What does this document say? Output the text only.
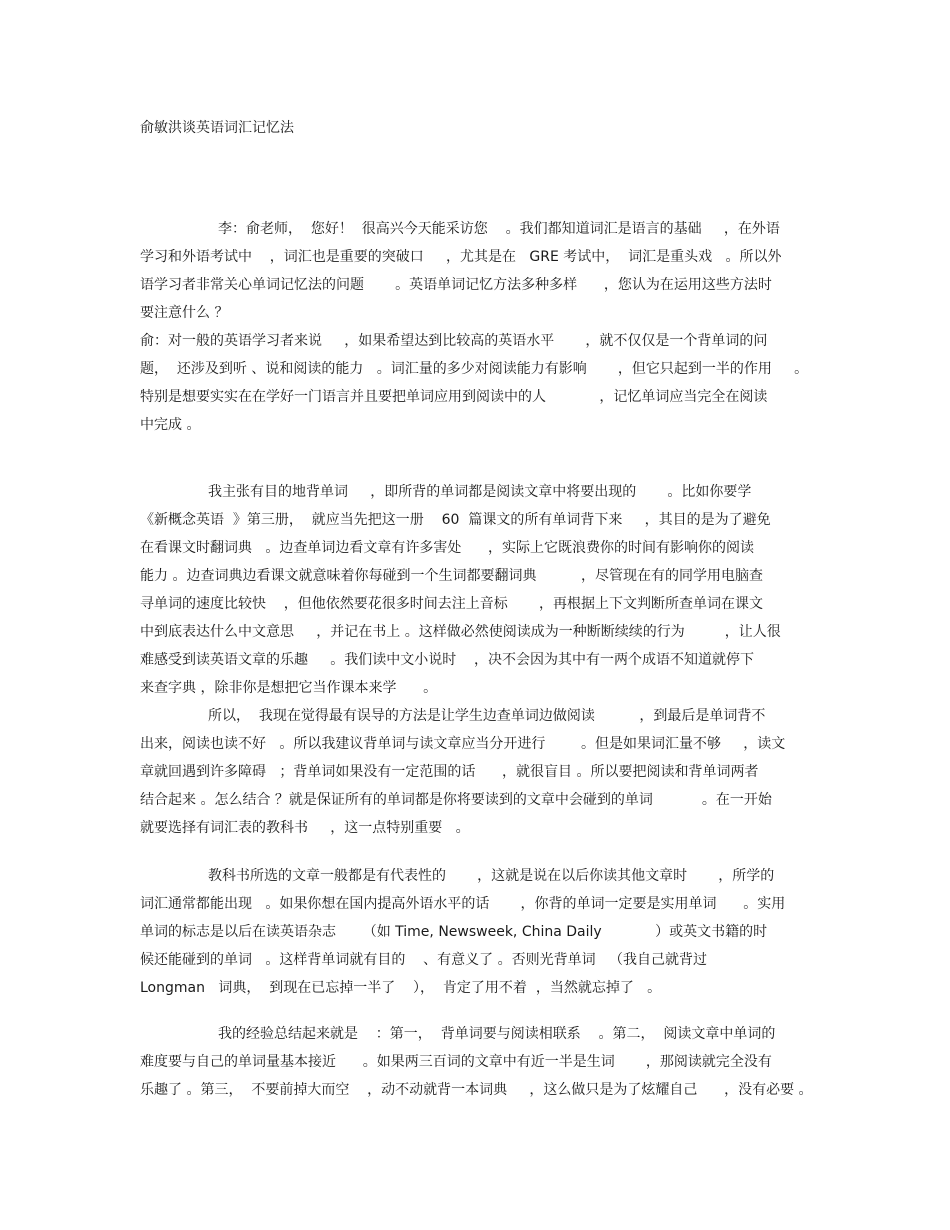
俞敏洪谈英语词汇记忆法
李：俞老师，  您好！  很高兴今天能采访您    。我们都知道词汇是语言的基础     ，在外语
学习和外语考试中    ，词汇也是重要的突破口     ，尤其是在   GRE 考试中，  词汇是重头戏   。所以外
语学习者非常关心单词记忆法的问题       。英语单词记忆方法多种多样      ，您认为在运用这些方法时
要注意什么 ？
俞：对一般的英语学习者来说     ，如果希望达到比较高的英语水平       ，就不仅仅是一个背单词的问
题，  还涉及到听 、说和阅读的能力   。词汇量的多少对阅读能力有影响       ，但它只起到一半的作用     。
特别是想要实实在在学好一门语言并且要把单词应用到阅读中的人            ，记忆单词应当完全在阅读
中完成 。
我主张有目的地背单词     ，即所背的单词都是阅读文章中将要出现的       。比如你要学
《新概念英语  》第三册，  就应当先把这一册    60  篇课文的所有单词背下来     ，其目的是为了避免
在看课文时翻词典   。边查单词边看文章有许多害处      ，实际上它既浪费你的时间有影响你的阅读
能力 。边查词典边看课文就意味着你每碰到一个生词都要翻词典          ，尽管现在有的同学用电脑查
寻单词的速度比较快    ，但他依然要花很多时间去注上音标       ，再根据上下文判断所查单词在课文
中到底表达什么中文意思     ，并记在书上 。这样做必然使阅读成为一种断断续续的行为         ，让人很
难感受到读英语文章的乐趣     。我们读中文小说时    ，决不会因为其中有一两个成语不知道就停下
来查字典 ，除非你是想把它当作课本来学      。
所以，  我现在觉得最有误导的方法是让学生边查单词边做阅读          ，到最后是单词背不
出来，阅读也读不好   。所以我建议背单词与读文章应当分开进行        。但是如果词汇量不够     ，读文
章就回遇到许多障碍   ；背单词如果没有一定范围的话      ，就很盲目 。所以要把阅读和背单词两者
结合起来 。怎么结合 ？就是保证所有的单词都是你将要读到的文章中会碰到的单词           。在一开始
就要选择有词汇表的教科书     ，这一点特别重要   。
教科书所选的文章一般都是有代表性的       ，这就是说在以后你读其他文章时       ，所学的
词汇通常都能出现   。如果你想在国内提高外语水平的话       ，你背的单词一定要是实用单词      。实用
单词的标志是以后在读英语杂志      （如 Time, Newsweek, China Daily            ）或英文书籍的时
候还能碰到的单词   。这样背单词就有目的    、有意义了 。否则光背单词   （我自己就背过
Longman   词典，  到现在已忘掉一半了    ），  肯定了用不着  ，当然就忘掉了   。
我的经验总结起来就是    ：第一，  背单词要与阅读相联系    。第二，  阅读文章中单词的
难度要与自己的单词量基本接近      。如果两三百词的文章中有近一半是生词       ，那阅读就完全没有
乐趣了 。第三，  不要前掉大而空    ，动不动就背一本词典     ，这么做只是为了炫耀自己      ，没有必要 。
